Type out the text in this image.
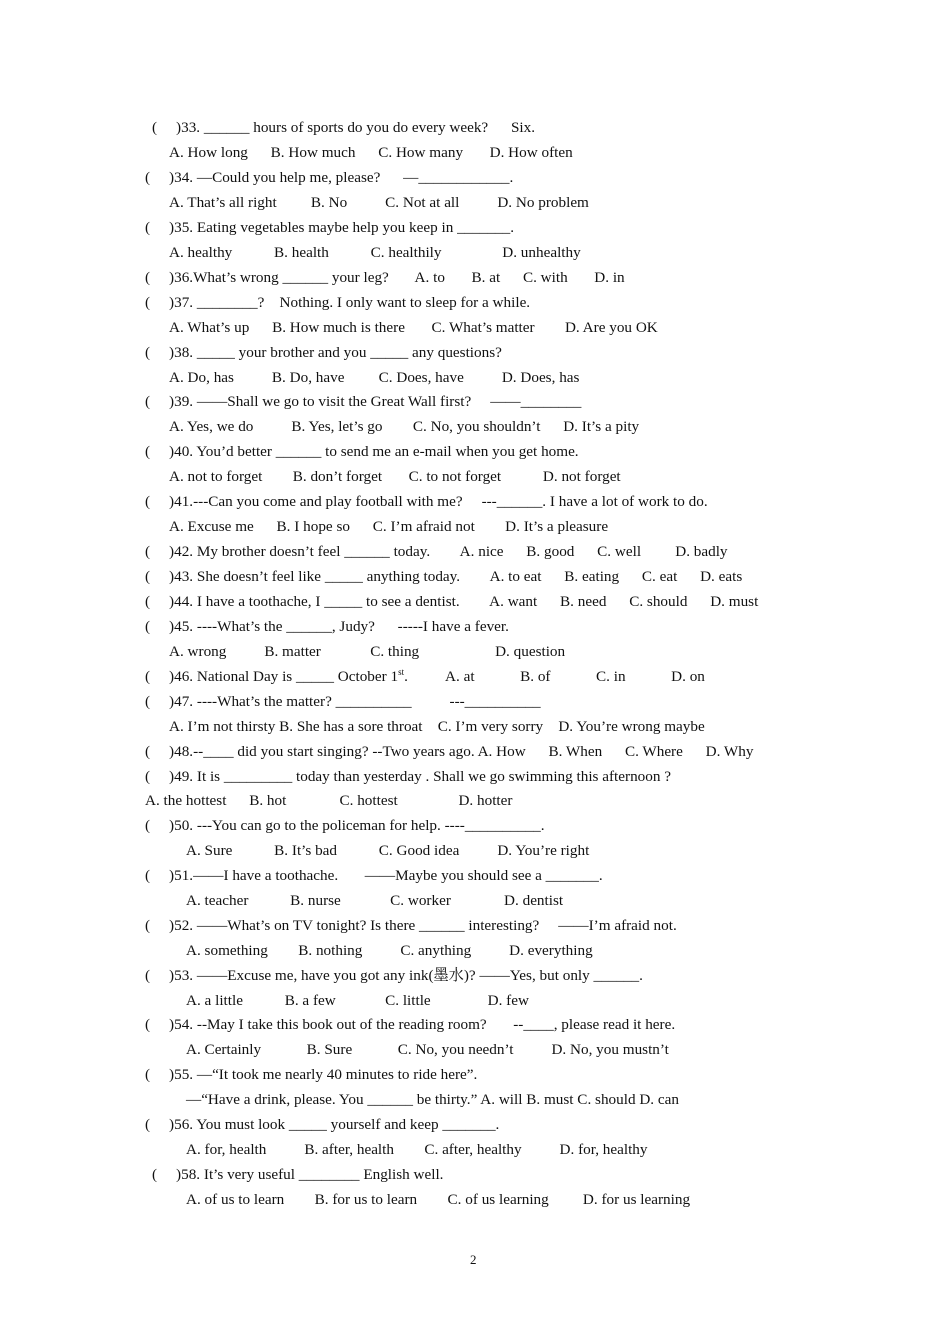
(     )33. ______ hours of sports do you do every week?      Six.
A. How long      B. How much      C. How many       D. How often
(     )34. —Could you help me, please?      —____________.
A. That’s all right         B. No          C. Not at all          D. No problem
(     )35. Eating vegetables maybe help you keep in _______.
A. healthy           B. health           C. healthily                D. unhealthy
(     )36.What’s wrong ______ your leg?       A. to       B. at      C. with       D. in
(     )37. ________?    Nothing. I only want to sleep for a while.
A. What’s up      B. How much is there       C. What’s matter        D. Are you OK
(     )38. _____ your brother and you _____ any questions?
A. Do, has          B. Do, have         C. Does, have          D. Does, has
(     )39. ——Shall we go to visit the Great Wall first?     ——________
A. Yes, we do          B. Yes, let’s go        C. No, you shouldn’t      D. It’s a pity
(     )40. You’d better ______ to send me an e-mail when you get home.
A. not to forget        B. don’t forget       C. to not forget           D. not forget
(     )41.---Can you come and play football with me?     ---______. I have a lot of work to do.
A. Excuse me      B. I hope so      C. I’m afraid not        D. It’s a pleasure
(     )42. My brother doesn’t feel ______ today.        A. nice      B. good      C. well         D. badly
(     )43. She doesn’t feel like _____ anything today.        A. to eat      B. eating      C. eat      D. eats
(     )44. I have a toothache, I _____ to see a dentist.        A. want      B. need      C. should      D. must
(     )45. ----What’s the ______, Judy?      -----I have a fever.
A. wrong          B. matter             C. thing                    D. question
(     )46. National Day is _____ October 1st.          A. at            B. of            C. in            D. on
(     )47. ----What’s the matter? __________          ---__________
A. I’m not thirsty B. She has a sore throat    C. I’m very sorry    D. You’re wrong maybe
(     )48.--____ did you start singing? --Two years ago. A. How      B. When      C. Where      D. Why
(     )49. It is _________ today than yesterday . Shall we go swimming this afternoon ?
A. the hottest      B. hot              C. hottest                D. hotter
(     )50. ---You can go to the policeman for help. ----__________.
A. Sure           B. It’s bad           C. Good idea          D. You’re right
(     )51.——I have a toothache.       ——Maybe you should see a _______.
A. teacher           B. nurse             C. worker              D. dentist
(     )52. ——What’s on TV tonight? Is there ______ interesting?     ——I’m afraid not.
A. something        B. nothing          C. anything          D. everything
(     )53. ——Excuse me, have you got any ink(墨水)? ——Yes, but only ______.
A. a little           B. a few             C. little               D. few
(     )54. --May I take this book out of the reading room?       --____, please read it here.
A. Certainly            B. Sure            C. No, you needn’t          D. No, you mustn’t
(     )55. —“It took me nearly 40 minutes to ride here”.
—“Have a drink, please. You ______ be thirty.” A. will B. must C. should D. can
(     )56. You must look _____ yourself and keep _______.
A. for, health          B. after, health        C. after, healthy          D. for, healthy
(     )58. It’s very useful ________ English well.
A. of us to learn        B. for us to learn        C. of us learning         D. for us learning
2
